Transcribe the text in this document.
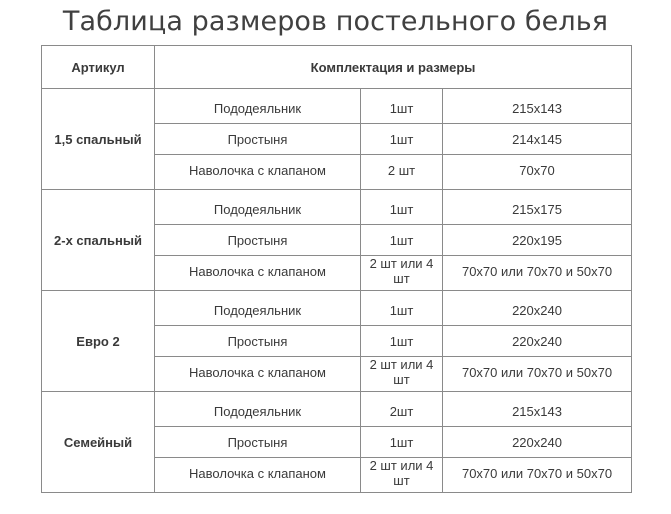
Таблица размеров постельного белья
Артикул	Комплектация и размеры		
1,5 спальный	Пододеяльник	1шт	215x143
	Простыня	1шт	214x145
	Наволочка с клапаном	2 шт	70x70
2-х спальный	Пододеяльник	1шт	215x175
	Простыня	1шт	220x195
	Наволочка с клапаном	2 шт или 4 шт	70x70 или 70x70 и 50x70
Евро 2	Пододеяльник	1шт	220x240
	Простыня	1шт	220x240
	Наволочка с клапаном	2 шт или 4 шт	70x70 или 70x70 и 50x70
Семейный	Пододеяльник	2шт	215x143
	Простыня	1шт	220x240
	Наволочка с клапаном	2 шт или 4 шт	70x70 или 70x70 и 50x70
